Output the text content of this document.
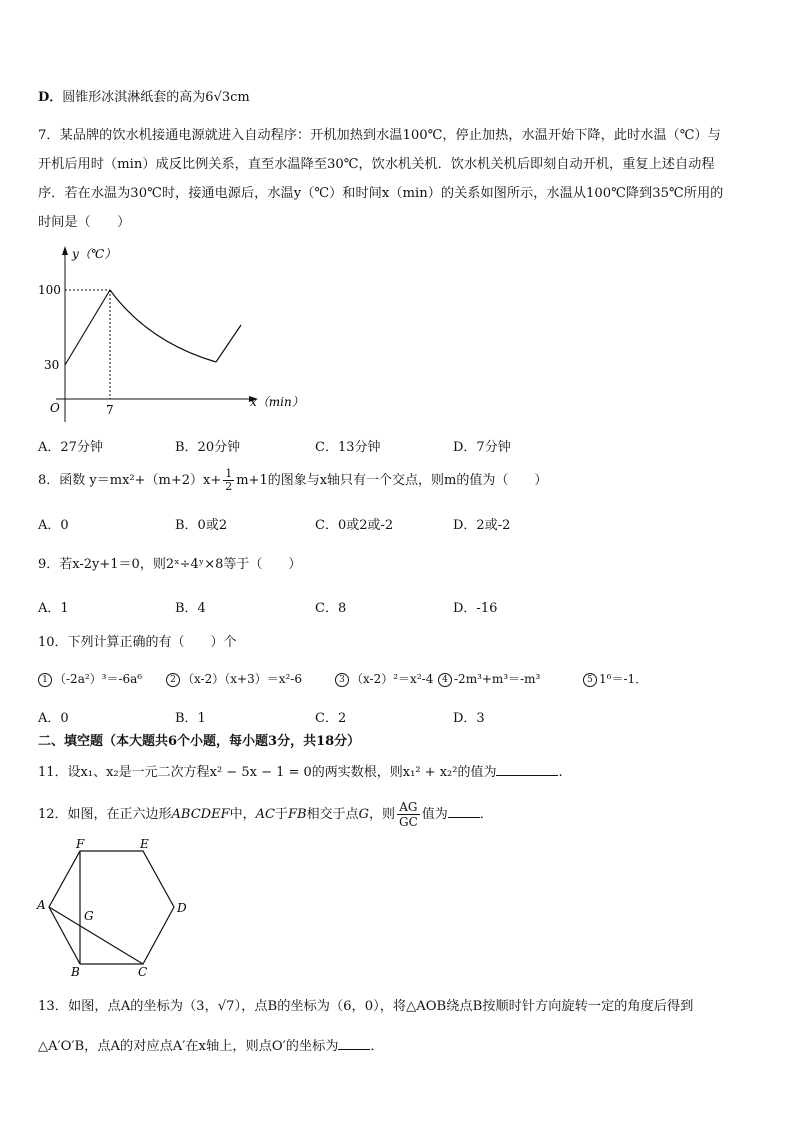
D．圆锥形冰淇淋纸套的高为6√3cm
7．某品牌的饮水机接通电源就进入自动程序：开机加热到水温100℃，停止加热，水温开始下降，此时水温（℃）与
开机后用时（min）成反比例关系，直至水温降至30℃，饮水机关机．饮水机关机后即刻自动开机，重复上述自动程
序．若在水温为30℃时，接通电源后，水温y（℃）和时间x（min）的关系如图所示，水温从100℃降到35℃所用的
时间是（　　）
y（℃）
100
30
O	7
x（min）
A．27分钟	B．20分钟	C．13分钟	D．7分钟
8．函数 $y=mx^2+(m+2)x+ \frac{1}{2} m+1$的图象与x轴只有一个交点，则m的值为（　　）
A．0	B．0或2	C．0或2或-2	D．2或-2
9．若x-2y+1＝0，则2ˣ÷4ʸ×8等于（　　）
A．1	B．4	C．8	D．-16
10．下列计算正确的有（　　）个
1 （-2a²）³＝-6a⁶	2 （x-2）（x+3）＝x²-6	3 （x-2）²＝x²-4 4 -2m³+m³＝-m³	5 1⁶＝-1．
A．0	B．1	C．2	D．3
二、填空题（本大题共6个小题，每小题3分，共18分）
11．设x₁、x₂是一元二次方程x² − 5x − 1 = 0的两实数根，则x₁² + x₂²的值为	.
12．如图，在正六边形ABCDEF中，AC于FB相交于点G，则 $\frac{AG}{GC}$ 值为 ．
F	E
D
C
B
A
G
13．如图，点A的坐标为（3，√7），点B的坐标为（6，0），将△AOB绕点B按顺时针方向旋转一定的角度后得到
△A′O′B，点A的对应点A′在x轴上，则点O′的坐标为 ．
